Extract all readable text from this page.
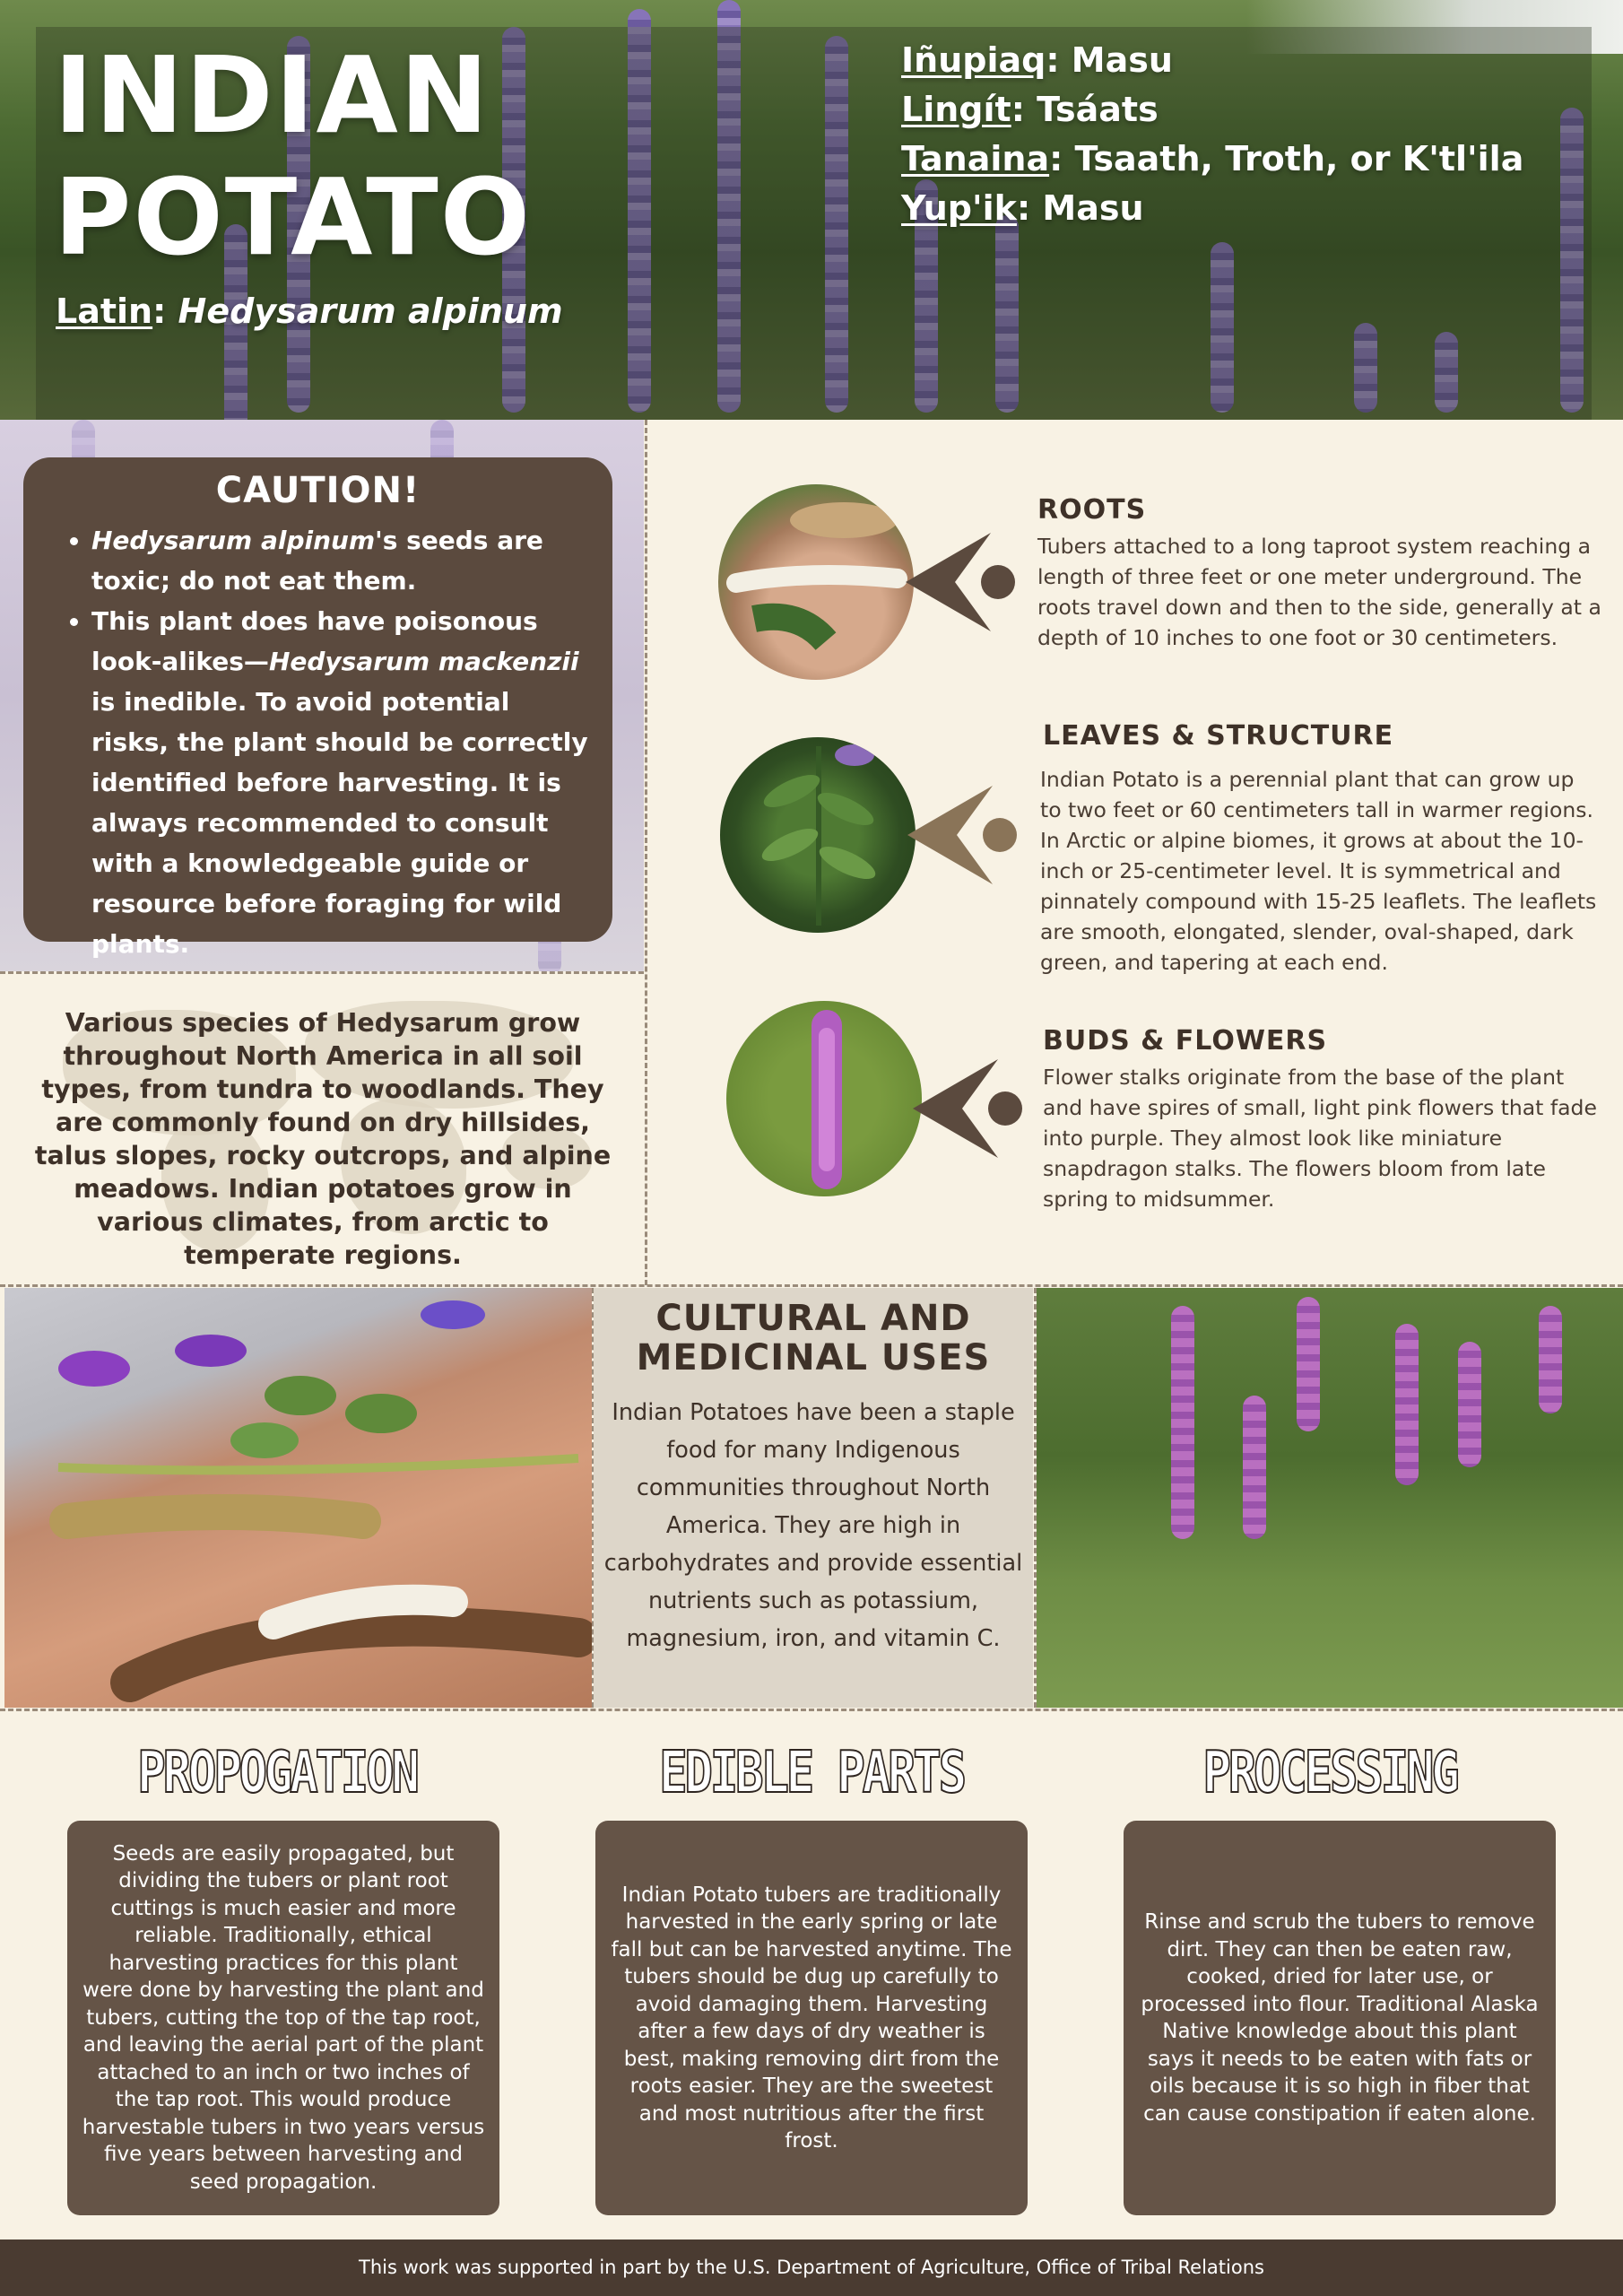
INDIAN
POTATO
Latin: Hedysarum alpinum
Iñupiaq: Masu
Lingít: Tsáats
Tanaina: Tsaath, Troth, or K'tl'ila
Yup'ik: Masu
CAUTION!
• Hedysarum alpinum's seeds are toxic; do not eat them.
• This plant does have poisonous look-alikes—Hedysarum mackenzii is inedible. To avoid potential risks, the plant should be correctly identified before harvesting. It is always recommended to consult with a knowledgeable guide or resource before foraging for wild plants.
Various species of Hedysarum grow throughout North America in all soil types, from tundra to woodlands. They are commonly found on dry hillsides, talus slopes, rocky outcrops, and alpine meadows. Indian potatoes grow in various climates, from arctic to temperate regions.
ROOTS
Tubers attached to a long taproot system reaching a length of three feet or one meter underground. The roots travel down and then to the side, generally at a depth of 10 inches to one foot or 30 centimeters.
LEAVES & STRUCTURE
Indian Potato is a perennial plant that can grow up to two feet or 60 centimeters tall in warmer regions. In Arctic or alpine biomes, it grows at about the 10-inch or 25-centimeter level. It is symmetrical and pinnately compound with 15-25 leaflets. The leaflets are smooth, elongated, slender, oval-shaped, dark green, and tapering at each end.
BUDS & FLOWERS
Flower stalks originate from the base of the plant and have spires of small, light pink flowers that fade into purple. They almost look like miniature snapdragon stalks. The flowers bloom from late spring to midsummer.
CULTURAL AND
MEDICINAL USES

Indian Potatoes have been a staple food for many Indigenous communities throughout North America. They are high in carbohydrates and provide essential nutrients such as potassium, magnesium, iron, and vitamin C.

PROPOGATION

Seeds are easily propagated, but dividing the tubers or plant root cuttings is much easier and more reliable. Traditionally, ethical harvesting practices for this plant were done by harvesting the plant and tubers, cutting the top of the tap root, and leaving the aerial part of the plant attached to an inch or two inches of the tap root. This would produce harvestable tubers in two years versus five years between harvesting and seed propagation.

EDIBLE PARTS

Indian Potato tubers are traditionally harvested in the early spring or late fall but can be harvested anytime. The tubers should be dug up carefully to avoid damaging them. Harvesting after a few days of dry weather is best, making removing dirt from the roots easier. They are the sweetest and most nutritious after the first frost.

PROCESSING

Rinse and scrub the tubers to remove dirt. They can then be eaten raw, cooked, dried for later use, or processed into flour. Traditional Alaska Native knowledge about this plant says it needs to be eaten with fats or oils because it is so high in fiber that can cause constipation if eaten alone.

This work was supported in part by the U.S. Department of Agriculture, Office of Tribal Relations
